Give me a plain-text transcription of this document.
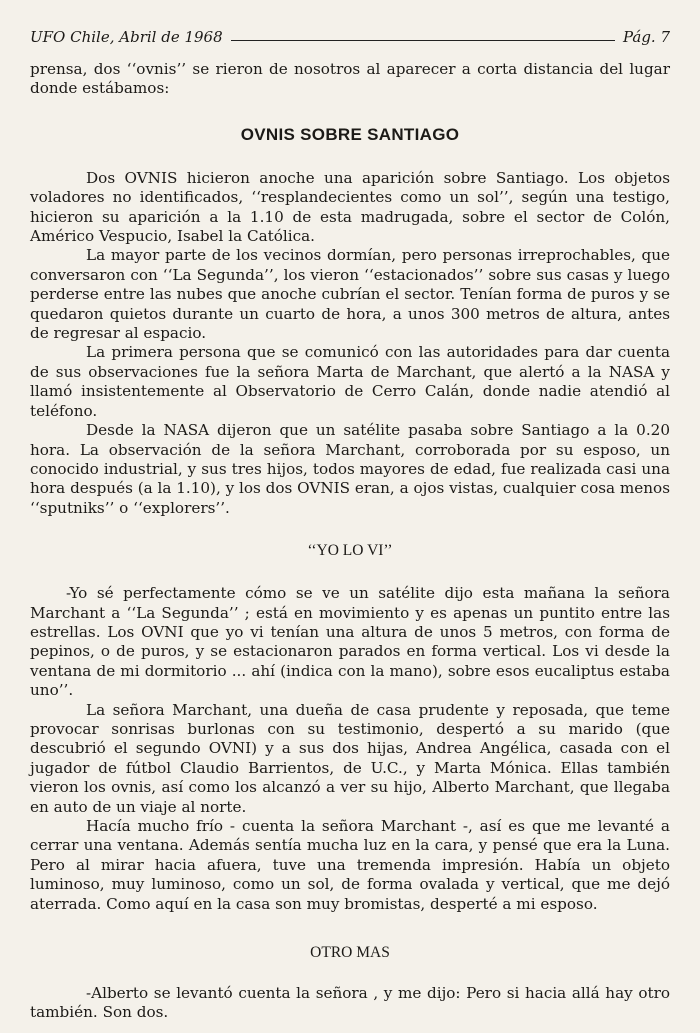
UFO Chile, Abril de 1968	Pág. 7

prensa, dos ‘‘ovnis’’ se rieron de nosotros al aparecer a corta distancia del lugar donde estábamos:

OVNIS SOBRE SANTIAGO

Dos OVNIS hicieron anoche una aparición sobre Santiago. Los objetos voladores no identificados, ‘‘resplandecientes como un sol’’, según una testigo, hicieron su aparición a la 1.10 de esta madrugada, sobre el sector de Colón, Américo Vespucio, Isabel la Católica.

La mayor parte de los vecinos dormían, pero personas irreprochables, que conversaron con ‘‘La Segunda’’, los vieron ‘‘estacionados’’ sobre sus casas y luego perderse entre las nubes que anoche cubrían el sector. Tenían forma de puros y se quedaron quietos durante un cuarto de hora, a unos 300 metros de altura, antes de regresar al espacio.

La primera persona que se comunicó con las autoridades para dar cuenta de sus observaciones fue la señora Marta de Marchant, que alertó a la NASA y llamó insistentemente al Observatorio de Cerro Calán, donde nadie atendió al teléfono.

Desde la NASA dijeron que un satélite pasaba sobre Santiago a la 0.20 hora. La observación de la señora Marchant, corroborada por su esposo, un conocido industrial, y sus tres hijos, todos mayores de edad, fue realizada casi una hora después (a la 1.10), y los dos OVNIS eran, a ojos vistas, cualquier cosa menos ‘‘sputniks’’ o ‘‘explorers’’.

‘‘YO LO VI’’

-Yo sé perfectamente cómo se ve un satélite dijo esta mañana la señora Marchant a ‘‘La Segunda’’ ; está en movimiento y es apenas un puntito entre las estrellas. Los OVNI que yo vi tenían una altura de unos 5 metros, con forma de pepinos, o de puros, y se estacionaron parados en forma vertical. Los vi desde la ventana de mi dormitorio ... ahí (indica con la mano), sobre esos eucaliptus estaba uno’’.

La señora Marchant, una dueña de casa prudente y reposada, que teme provocar sonrisas burlonas con su testimonio, despertó a su marido (que descubrió el segundo OVNI) y a sus dos hijas, Andrea Angélica, casada con el jugador de fútbol Claudio Barrientos, de U.C., y Marta Mónica. Ellas también vieron los ovnis, así como los alcanzó a ver su hijo, Alberto Marchant, que llegaba en auto de un viaje al norte.

Hacía mucho frío - cuenta la señora Marchant -, así es que me levanté a cerrar una ventana. Además sentía mucha luz en la cara, y pensé que era la Luna. Pero al mirar hacia afuera, tuve una tremenda impresión. Había un objeto luminoso, muy luminoso, como un sol, de forma ovalada y vertical, que me dejó aterrada. Como aquí en la casa son muy bromistas, desperté a mi esposo.

OTRO MAS

-Alberto se levantó cuenta la señora , y me dijo: Pero si hacia allá hay otro también. Son dos.
